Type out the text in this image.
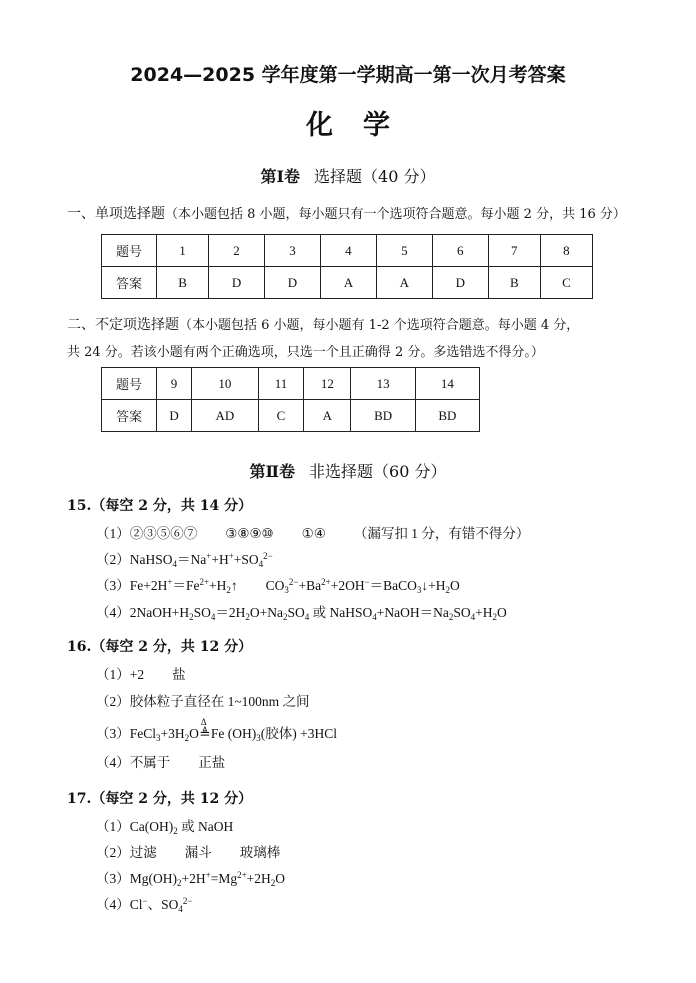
2024—2025 学年度第一学期高一第一次月考答案
化 学
第Ⅰ卷 选择题（40 分）
一、单项选择题（本小题包括 8 小题，每小题只有一个选项符合题意。每小题 2 分，共 16 分）
题号	1	2	3	4	5	6	7	8
答案	B	D	D	A	A	D	B	C
二、不定项选择题（本小题包括 6 小题，每小题有 1-2 个选项符合题意。每小题 4 分，
共 24 分。若该小题有两个正确选项，只选一个且正确得 2 分。多选错选不得分。）
题号	9	10	11	12	13	14
答案	D	AD	C	A	BD	BD
第Ⅱ卷 非选择题（60 分）
15.（每空 2 分，共 14 分）
（1）②③⑤⑥⑦ ③⑧⑨⑩ ①④ （漏写扣 1 分，有错不得分）
$(2)NaHSO_4=Na^++H^++SO_4^{2-}$
$(3)Fe+2H^+=Fe^{2+}+H_2↑$ $CO_3^{2-}+Ba^{2+}+2OH^-=BaCO_3↓+H_2O$
$(4)2NaOH+H_2SO_4=2H_2O+Na_2SO_4$ 或 $NaHSO_4+NaOH=Na_2SO_4+H_2O$
16.（每空 2 分，共 12 分）
（1）+2 盐
（2）胶体粒子直径在 1~100nm 之间
$(3)FeCl_3+3H_2O$
Δ
≜Fe $(OH)_3$(胶体) +3HCl
（4）不属于 正盐
17.（每空 2 分，共 12 分）
$(1)Ca(OH)_2$ 或 NaOH
（2）过滤 漏斗 玻璃棒
$(3)Mg(OH)_2+2H^+=Mg^{2+}+2H_2O$
（4）Cl−、$SO_4^{2-}$
